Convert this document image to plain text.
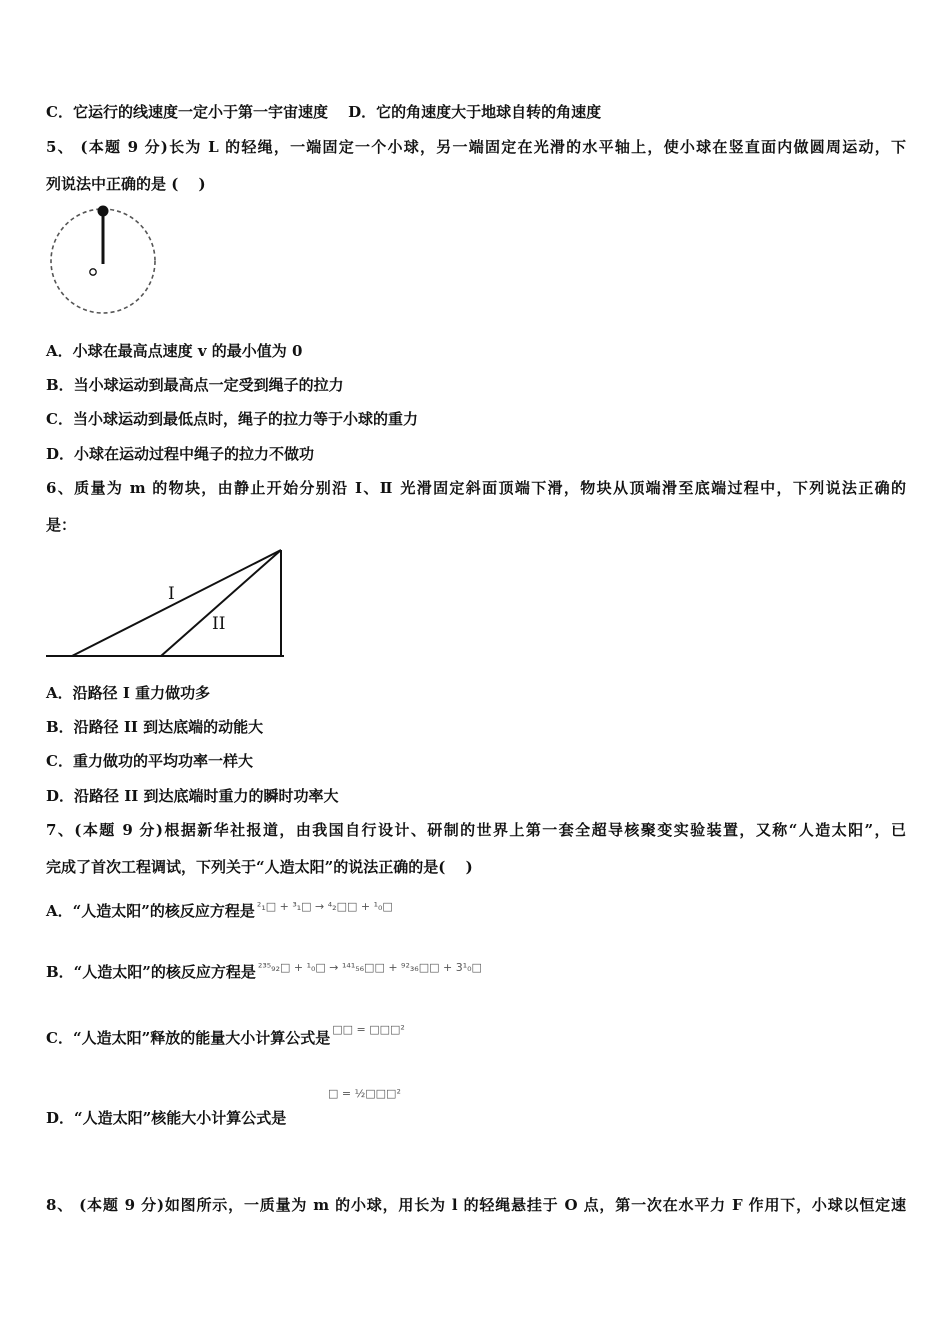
C．它运行的线速度一定小于第一宇宙速度　 D．它的角速度大于地球自转的角速度
5、 (本题 9 分)长为 L 的轻绳，一端固定一个小球，另一端固定在光滑的水平轴上，使小球在竖直面内做圆周运动，下
列说法中正确的是 (　 )
A．小球在最高点速度 v 的最小值为 0
B．当小球运动到最高点一定受到绳子的拉力
C．当小球运动到最低点时，绳子的拉力等于小球的重力
D．小球在运动过程中绳子的拉力不做功
6、质量为 m 的物块，由静止开始分别沿 Ⅰ、Ⅱ 光滑固定斜面顶端下滑，物块从顶端滑至底端过程中，下列说法正确的
是：
I
II
A．沿路径 Ⅰ 重力做功多
B．沿路径 II 到达底端的动能大
C．重力做功的平均功率一样大
D．沿路径 II 到达底端时重力的瞬时功率大
7、(本题 9 分)根据新华社报道，由我国自行设计、研制的世界上第一套全超导核聚变实验装置，又称“人造太阳”，已
完成了首次工程调试，下列关于“人造太阳”的说法正确的是(　 )
A．“人造太阳”的核反应方程是 $^{^2_1□ + ^3_1□ \to ^4_2□□ + ^1_0□}$
B．“人造太阳”的核反应方程是 $^{^{235}_{92}□ + ^1_0□ \to ^{141}_{56}□□ + ^{92}_{36}□□ + 3^1_0□}$
C．“人造太阳”释放的能量大小计算公式是 $^{□□ = □□□^2}$
D．“人造太阳”核能大小计算公式是
$^{□ = \frac{1}{2}□□□^2}$
8、 (本题 9 分)如图所示，一质量为 m 的小球，用长为 l 的轻绳悬挂于 O 点，第一次在水平力 F 作用下，小球以恒定速
